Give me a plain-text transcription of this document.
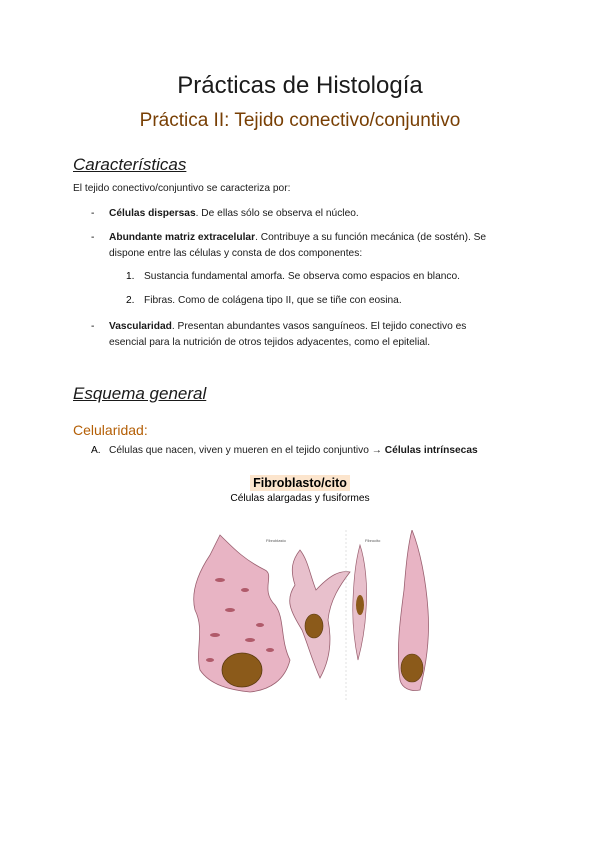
Prácticas de Histología
Práctica II: Tejido conectivo/conjuntivo
Características
El tejido conectivo/conjuntivo se caracteriza por:
- Células dispersas. De ellas sólo se observa el núcleo.
- Abundante matriz extracelular. Contribuye a su función mecánica (de sostén). Se
dispone entre las células y consta de dos componentes:
1. Sustancia fundamental amorfa. Se observa como espacios en blanco.
2. Fibras. Como de colágena tipo II, que se tiñe con eosina.
- Vascularidad. Presentan abundantes vasos sanguíneos. El tejido conectivo es
esencial para la nutrición de otros tejidos adyacentes, como el epitelial.
Esquema general
Celularidad:
A. Células que nacen, viven y mueren en el tejido conjuntivo → Células intrínsecas
Fibroblasto/cito
Células alargadas y fusiformes
Fibroblasto	Fibrocito
